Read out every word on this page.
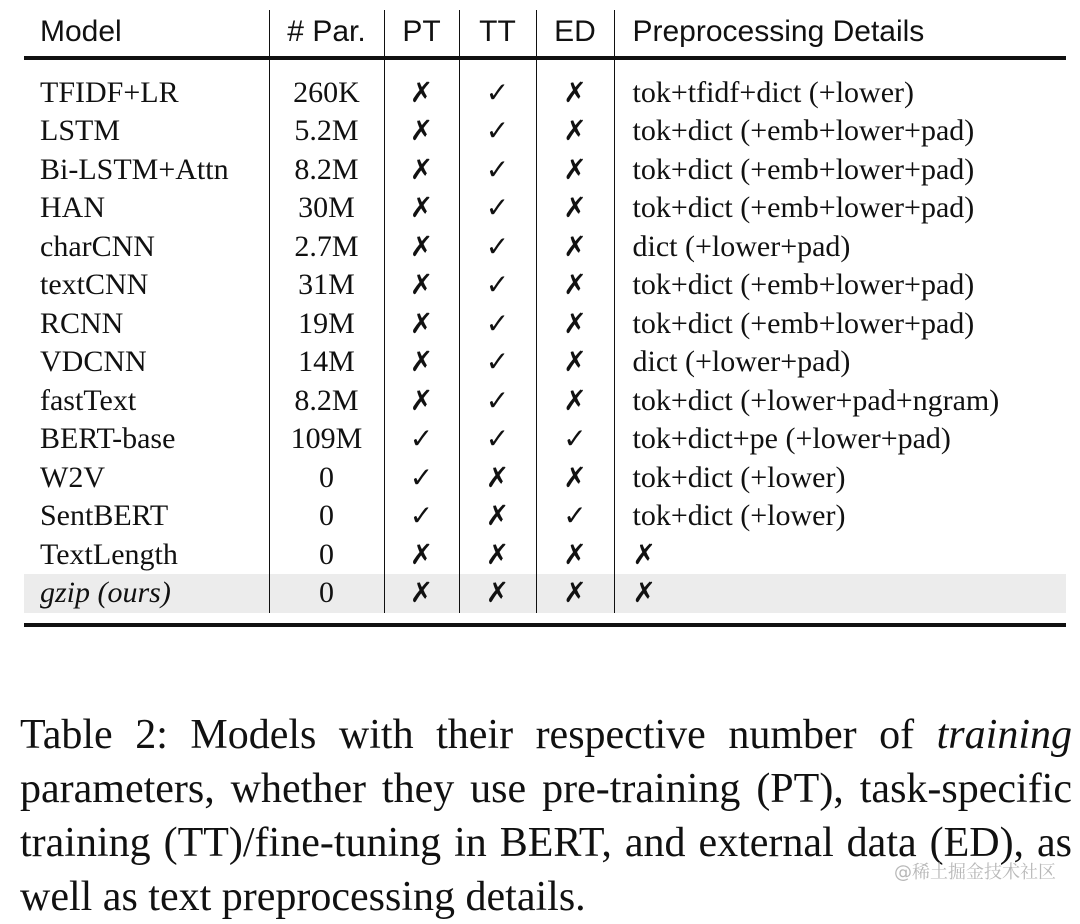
Model	# Par.	PT	TT	ED	Preprocessing Details
TFIDF+LR	260K	✗	✓	✗	tok+tfidf+dict (+lower)
LSTM	5.2M	✗	✓	✗	tok+dict (+emb+lower+pad)
Bi-LSTM+Attn	8.2M	✗	✓	✗	tok+dict (+emb+lower+pad)
HAN	30M	✗	✓	✗	tok+dict (+emb+lower+pad)
charCNN	2.7M	✗	✓	✗	dict (+lower+pad)
textCNN	31M	✗	✓	✗	tok+dict (+emb+lower+pad)
RCNN	19M	✗	✓	✗	tok+dict (+emb+lower+pad)
VDCNN	14M	✗	✓	✗	dict (+lower+pad)
fastText	8.2M	✗	✓	✗	tok+dict (+lower+pad+ngram)
BERT-base	109M	✓	✓	✓	tok+dict+pe (+lower+pad)
W2V	0	✓	✗	✗	tok+dict (+lower)
SentBERT	0	✓	✗	✓	tok+dict (+lower)
TextLength	0	✗	✗	✗	✗
gzip (ours)	0	✗	✗	✗	✗

Table 2: Models with their respective number of training parameters, whether they use pre-training (PT), task-specific training (TT)/fine-tuning in BERT, and external data (ED), as well as text preprocessing details.

@稀土掘金技术社区
